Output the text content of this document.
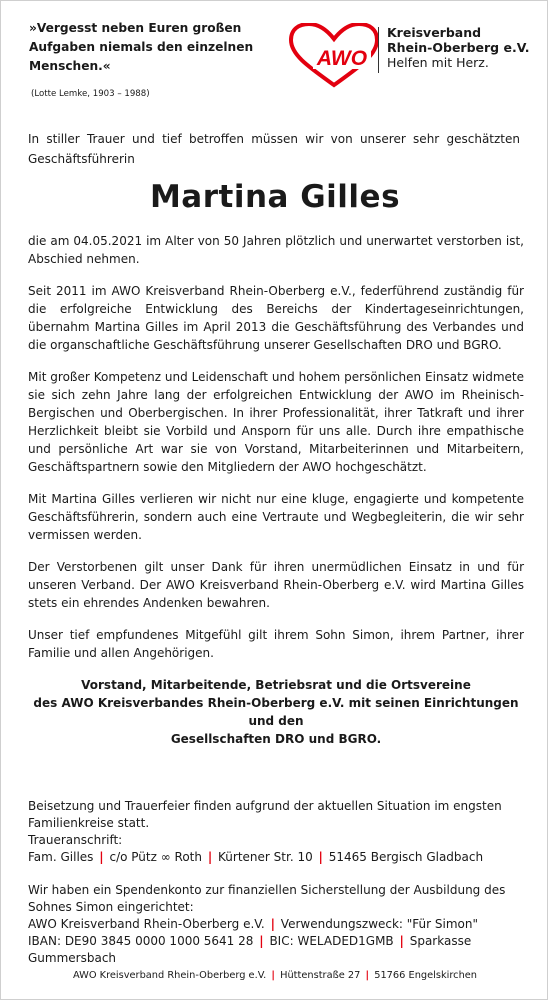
»Vergesst neben Euren großen
Aufgaben niemals den einzelnen
Menschen.«
(Lotte Lemke, 1903 – 1988)
AWO
Kreisverband
Rhein-Oberberg e.V.
Helfen mit Herz.
In stiller Trauer und tief betroffen müssen wir von unserer sehr geschätzten Geschäftsführerin
Martina Gilles

die am 04.05.2021 im Alter von 50 Jahren plötzlich und unerwartet verstorben ist, Abschied nehmen.

Seit 2011 im AWO Kreisverband Rhein-Oberberg e.V., federführend zuständig für die erfolgreiche Entwicklung des Bereichs der Kindertageseinrichtungen, übernahm Martina Gilles im April 2013 die Geschäftsführung des Verbandes und die organschaftliche Geschäftsführung unserer Gesellschaften DRO und BGRO.

Mit großer Kompetenz und Leidenschaft und hohem persönlichen Einsatz widmete sie sich zehn Jahre lang der erfolgreichen Entwicklung der AWO im Rheinisch-Bergischen und Oberbergischen. In ihrer Professionalität, ihrer Tatkraft und ihrer Herzlichkeit bleibt sie Vorbild und Ansporn für uns alle. Durch ihre empathische und persönliche Art war sie von Vorstand, Mitarbeiterinnen und Mitarbeitern, Geschäftspartnern sowie den Mitgliedern der AWO hochgeschätzt.

Mit Martina Gilles verlieren wir nicht nur eine kluge, engagierte und kompetente Geschäftsführerin, sondern auch eine Vertraute und Wegbegleiterin, die wir sehr vermissen werden.

Der Verstorbenen gilt unser Dank für ihren unermüdlichen Einsatz in und für unseren Verband. Der AWO Kreisverband Rhein-Oberberg e.V. wird Martina Gilles stets ein ehrendes Andenken bewahren.

Unser tief empfundenes Mitgefühl gilt ihrem Sohn Simon, ihrem Partner, ihrer Familie und allen Angehörigen.

Vorstand, Mitarbeitende, Betriebsrat und die Ortsvereine
des AWO Kreisverbandes Rhein-Oberberg e.V. mit seinen Einrichtungen und den
Gesellschaften DRO und BGRO.
Beisetzung und Trauerfeier finden aufgrund der aktuellen Situation im engsten Familienkreise statt.
Traueranschrift:
Fam. Gilles | c/o Pütz ∞ Roth | Kürtener Str. 10 | 51465 Bergisch Gladbach
Wir haben ein Spendenkonto zur finanziellen Sicherstellung der Ausbildung des Sohnes Simon eingerichtet:
AWO Kreisverband Rhein-Oberberg e.V. | Verwendungszweck: "Für Simon"
IBAN: DE90 3845 0000 1000 5641 28 | BIC: WELADED1GMB | Sparkasse Gummersbach
AWO Kreisverband Rhein-Oberberg e.V. | Hüttenstraße 27 | 51766 Engelskirchen
